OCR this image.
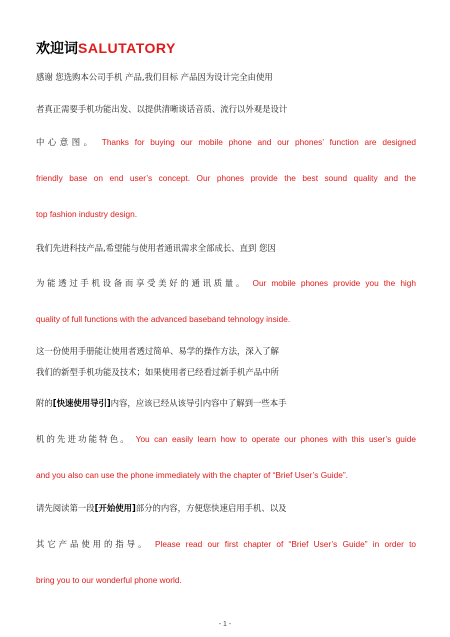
欢迎词SALUTATORY
感谢 您选购本公司手机 产品,我们目标 产品因为设计完全由使用
者真正需要手机功能出发、以提供清晰谈话音质、流行以外观是设计
中心意图。 Thanks for buying our mobile phone and our phones’ function are designed
friendly base on end user’s concept. Our phones provide the best sound quality and the
top fashion industry design.
我们先进科技产品,希望能与使用者通讯需求全部成长、直到 您因
为能透过手机设备而享受美好的通讯质量。 Our mobile phones provide you the high
quality of full functions with the advanced baseband tehnology inside.
这一份使用手册能让使用者透过简单、易学的操作方法，深入了解
我们的新型手机功能及技术；如果使用者已经看过新手机产品中所
附的[快速使用导引]内容，应该已经从该导引内容中了解到一些本手
机的先进功能特色。 You can easily learn how to operate our phones with this user’s guide
and you also can use the phone immediately with the chapter of “Brief User’s Guide”.
请先阅读第一段[开始使用]部分的内容，方便您快速启用手机、以及
其它产品使用的指导。 Please read our first chapter of “Brief User’s Guide” in order to
bring you to our wonderful phone world.
- 1 -
